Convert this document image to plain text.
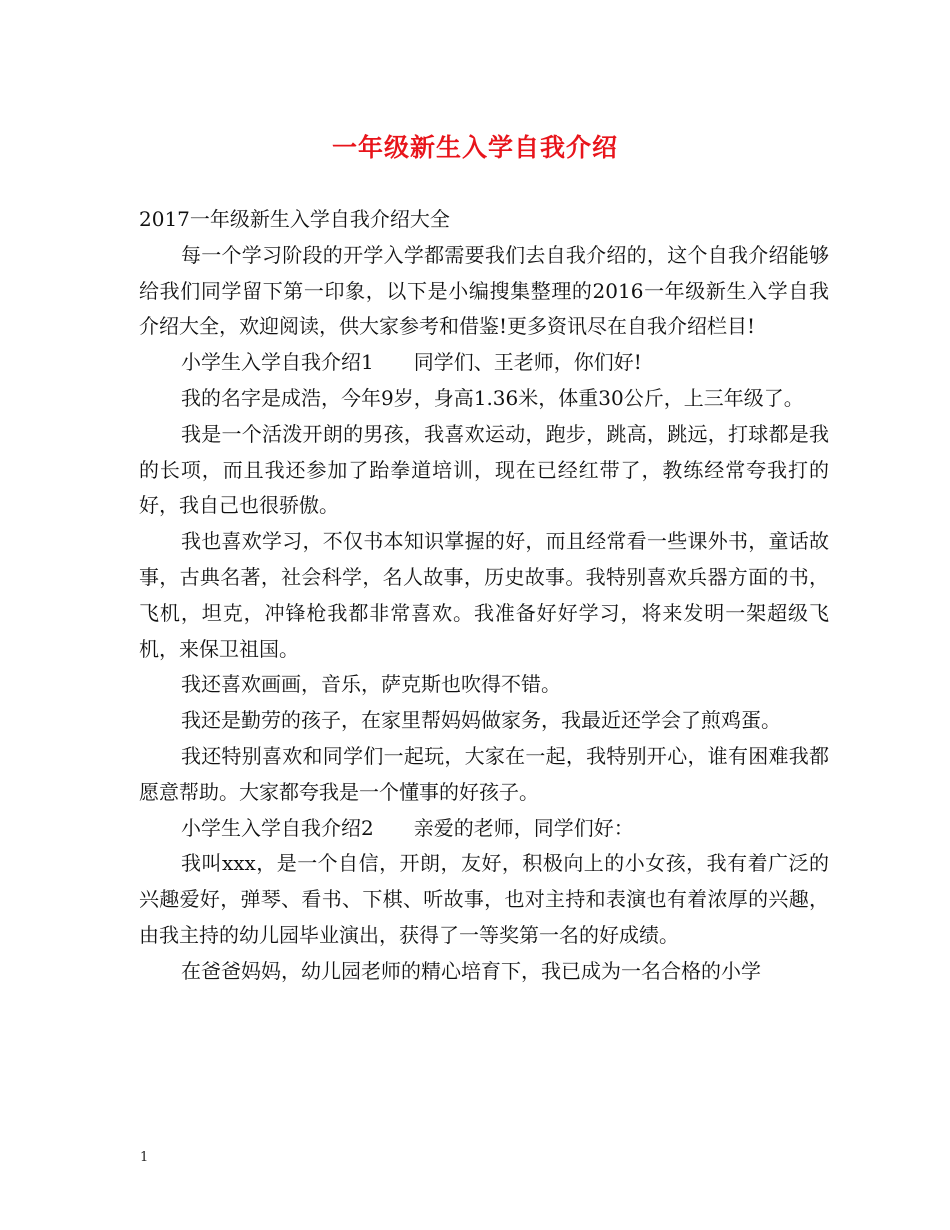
一年级新生入学自我介绍

2017一年级新生入学自我介绍大全

每一个学习阶段的开学入学都需要我们去自我介绍的，这个自我介绍能够给我们同学留下第一印象，以下是小编搜集整理的2016一年级新生入学自我介绍大全，欢迎阅读，供大家参考和借鉴!更多资讯尽在自我介绍栏目!

小学生入学自我介绍1　　同学们、王老师，你们好!

我的名字是成浩，今年9岁，身高1.36米，体重30公斤，上三年级了。

我是一个活泼开朗的男孩，我喜欢运动，跑步，跳高，跳远，打球都是我的长项，而且我还参加了跆拳道培训，现在已经红带了，教练经常夸我打的好，我自己也很骄傲。

我也喜欢学习，不仅书本知识掌握的好，而且经常看一些课外书，童话故事，古典名著，社会科学，名人故事，历史故事。我特别喜欢兵器方面的书，飞机，坦克，冲锋枪我都非常喜欢。我准备好好学习，将来发明一架超级飞机，来保卫祖国。

我还喜欢画画，音乐，萨克斯也吹得不错。

我还是勤劳的孩子，在家里帮妈妈做家务，我最近还学会了煎鸡蛋。

我还特别喜欢和同学们一起玩，大家在一起，我特别开心，谁有困难我都愿意帮助。大家都夸我是一个懂事的好孩子。

小学生入学自我介绍2　　亲爱的老师，同学们好：

我叫xxx，是一个自信，开朗，友好，积极向上的小女孩，我有着广泛的兴趣爱好，弹琴、看书、下棋、听故事，也对主持和表演也有着浓厚的兴趣，由我主持的幼儿园毕业演出，获得了一等奖第一名的好成绩。

在爸爸妈妈，幼儿园老师的精心培育下，我已成为一名合格的小学

1
